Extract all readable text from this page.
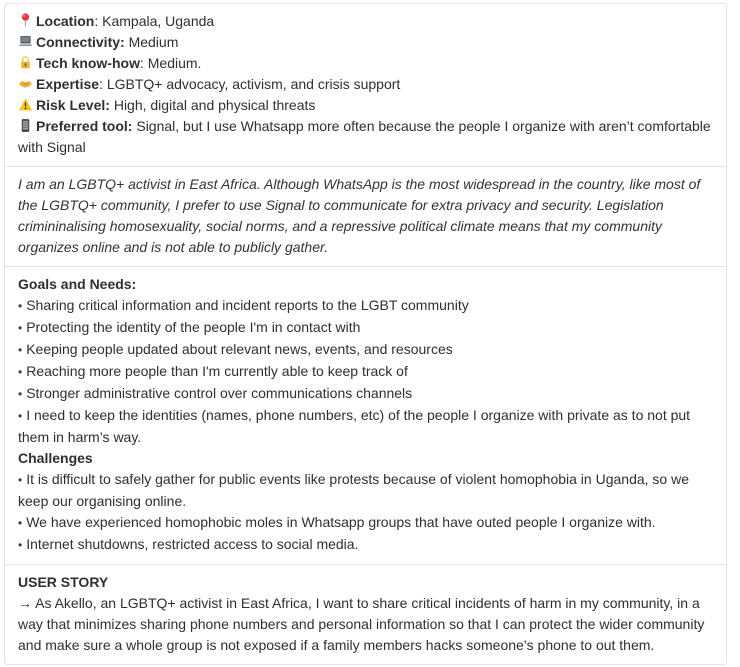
Location: Kampala, Uganda

Connectivity: Medium

Tech know-how: Medium.

Expertise: LGBTQ+ advocacy, activism, and crisis support

Risk Level: High, digital and physical threats

Preferred tool: Signal, but I use Whatsapp more often because the people I organize with aren’t comfortable with Signal

I am an LGBTQ+ activist in East Africa. Although WhatsApp is the most widespread in the country, like most of the LGBTQ+ community, I prefer to use Signal to communicate for extra privacy and security. Legislation crimininalising homosexuality, social norms, and a repressive political climate means that my community organizes online and is not able to publicly gather.

Goals and Needs:

• Sharing critical information and incident reports to the LGBT community

• Protecting the identity of the people I'm in contact with

• Keeping people updated about relevant news, events, and resources

• Reaching more people than I'm currently able to keep track of

• Stronger administrative control over communications channels

• I need to keep the identities (names, phone numbers, etc) of the people I organize with private as to not put them in harm’s way.

Challenges

• It is difficult to safely gather for public events like protests because of violent homophobia in Uganda, so we keep our organising online.

• We have experienced homophobic moles in Whatsapp groups that have outed people I organize with.

• Internet shutdowns, restricted access to social media.

USER STORY

→ As Akello, an LGBTQ+ activist in East Africa, I want to share critical incidents of harm in my community, in a way that minimizes sharing phone numbers and personal information so that I can protect the wider community and make sure a whole group is not exposed if a family members hacks someone’s phone to out them.
